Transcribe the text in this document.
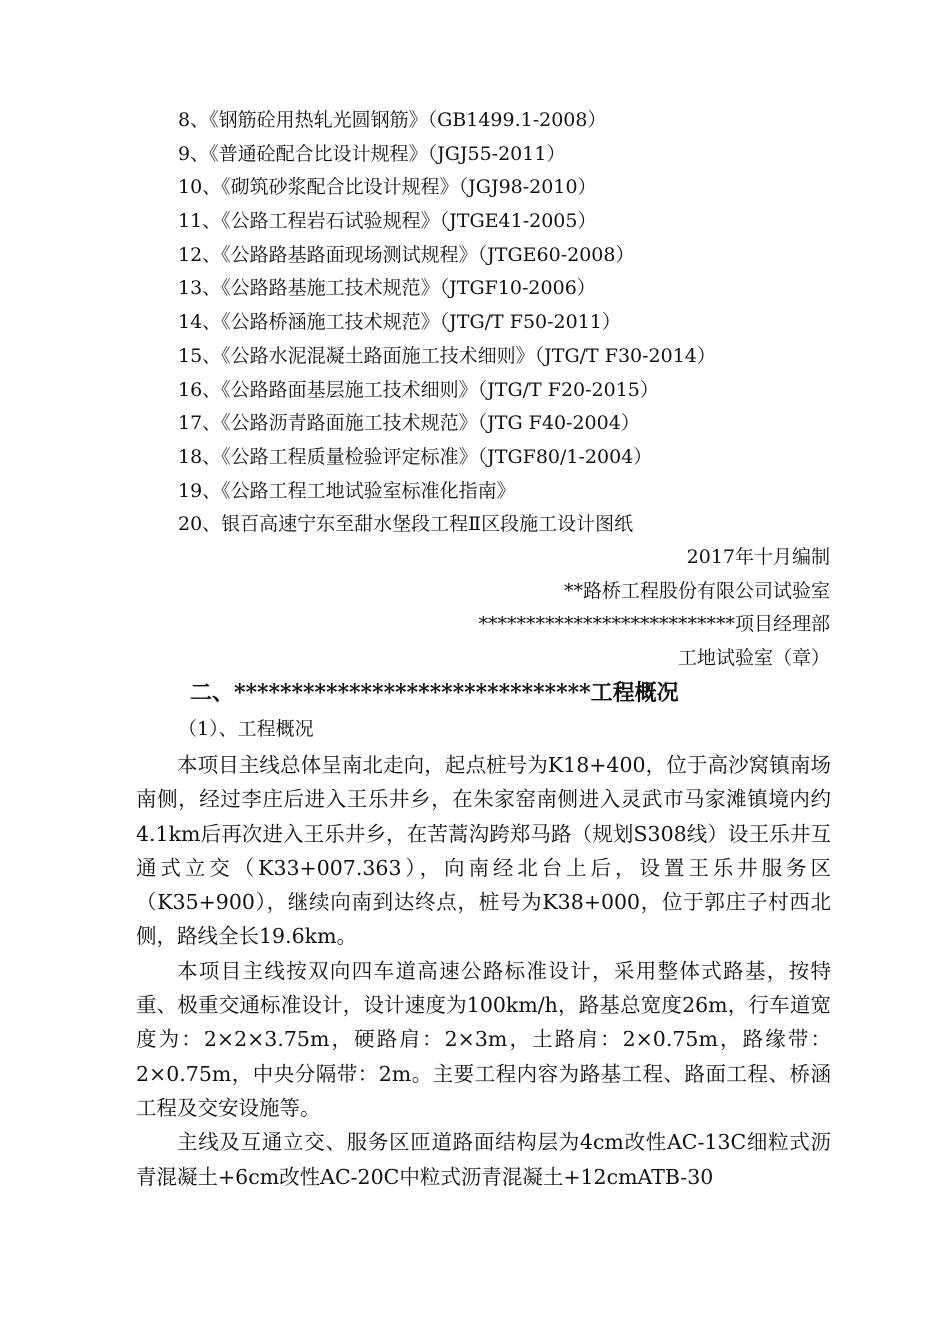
8、《钢筋砼用热轧光圆钢筋》（GB1499.1-2008）
9、《普通砼配合比设计规程》（JGJ55-2011）
10、《砌筑砂浆配合比设计规程》（JGJ98-2010）
11、《公路工程岩石试验规程》（JTGE41-2005）
12、《公路路基路面现场测试规程》（JTGE60-2008）
13、《公路路基施工技术规范》（JTGF10-2006）
14、《公路桥涵施工技术规范》（JTG/T F50-2011）
15、《公路水泥混凝土路面施工技术细则》（JTG/T F30-2014）
16、《公路路面基层施工技术细则》（JTG/T F20-2015）
17、《公路沥青路面施工技术规范》（JTG F40-2004）
18、《公路工程质量检验评定标准》（JTGF80/1-2004）
19、《公路工程工地试验室标准化指南》
20、银百高速宁东至甜水堡段工程Ⅱ区段施工设计图纸
2017年十月编制
**路桥工程股份有限公司试验室
***************************项目经理部
工地试验室（章）
二、*******************************工程概况
（1）、工程概况

本项目主线总体呈南北走向，起点桩号为K18+400，位于高沙窝镇南场南侧，经过李庄后进入王乐井乡，在朱家窑南侧进入灵武市马家滩镇境内约4.1km后再次进入王乐井乡，在苦蒿沟跨郑马路（规划S308线）设王乐井互通式立交（K33+007.363），向南经北台上后，设置王乐井服务区（K35+900），继续向南到达终点，桩号为K38+000，位于郭庄子村西北侧，路线全长19.6km。

本项目主线按双向四车道高速公路标准设计，采用整体式路基，按特重、极重交通标准设计，设计速度为100km/h，路基总宽度26m，行车道宽度为：2×2×3.75m，硬路肩：2×3m，土路肩：2×0.75m，路缘带：2×0.75m，中央分隔带：2m。主要工程内容为路基工程、路面工程、桥涵工程及交安设施等。

主线及互通立交、服务区匝道路面结构层为4cm改性AC-13C细粒式沥青混凝土+6cm改性AC-20C中粒式沥青混凝土+12cmATB-30
